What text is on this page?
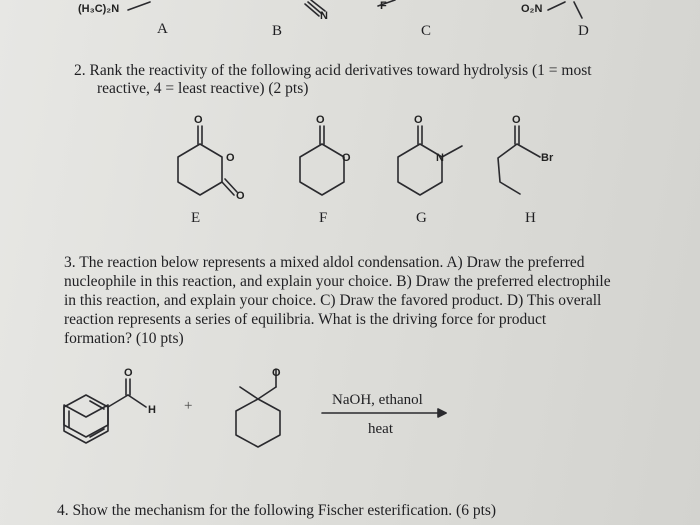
(H₃C)₂N
N
F	O₂N
A	B	C	D
2. Rank the reactivity of the following acid derivatives toward hydrolysis (1 = most
reactive, 4 = least reactive) (2 pts)
O
O
O
O
O
O
N
O
Br
E	F	G	H
3. The reaction below represents a mixed aldol condensation. A) Draw the preferred
nucleophile in this reaction, and explain your choice. B) Draw the preferred electrophile
in this reaction, and explain your choice. C) Draw the favored product. D) This overall
reaction represents a series of equilibria. What is the driving force for product
formation? (10 pts)
O
H +
O
NaOH, ethanol
heat
4. Show the mechanism for the following Fischer esterification. (6 pts)
